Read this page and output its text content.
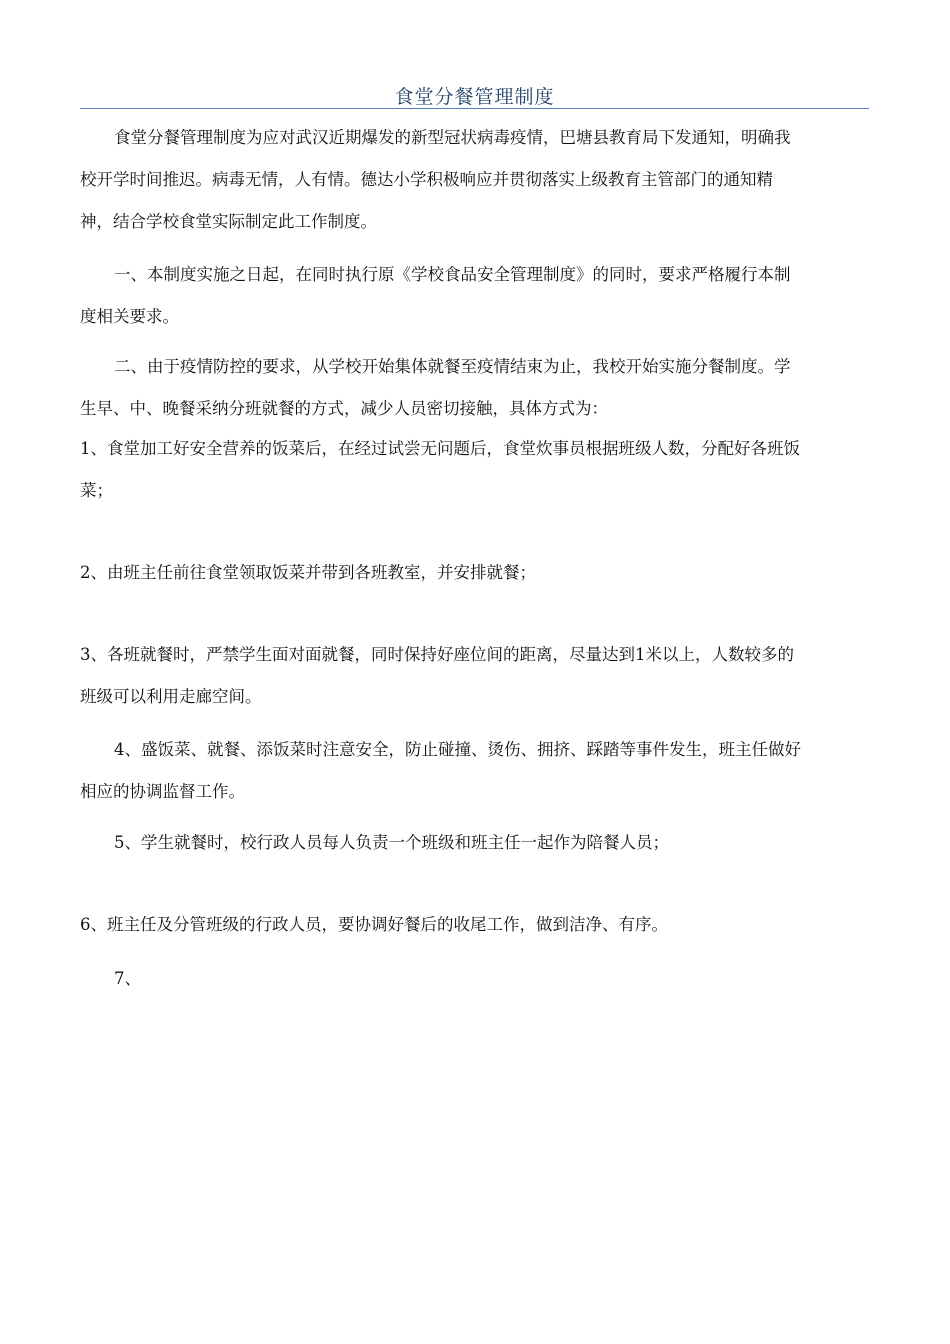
食堂分餐管理制度
食堂分餐管理制度为应对武汉近期爆发的新型冠状病毒疫情，巴塘县教育局下发通知，明确我
校开学时间推迟。病毒无情，人有情。德达小学积极响应并贯彻落实上级教育主管部门的通知精
神，结合学校食堂实际制定此工作制度。
一、本制度实施之日起，在同时执行原《学校食品安全管理制度》的同时，要求严格履行本制
度相关要求。
二、由于疫情防控的要求，从学校开始集体就餐至疫情结束为止，我校开始实施分餐制度。学
生早、中、晚餐采纳分班就餐的方式，减少人员密切接触，具体方式为：
1、食堂加工好安全营养的饭菜后，在经过试尝无问题后，食堂炊事员根据班级人数，分配好各班饭
菜；
2、由班主任前往食堂领取饭菜并带到各班教室，并安排就餐；
3、各班就餐时，严禁学生面对面就餐，同时保持好座位间的距离，尽量达到1米以上，人数较多的
班级可以利用走廊空间。
4、盛饭菜、就餐、添饭菜时注意安全，防止碰撞、烫伤、拥挤、踩踏等事件发生，班主任做好
相应的协调监督工作。
5、学生就餐时，校行政人员每人负责一个班级和班主任一起作为陪餐人员；
6、班主任及分管班级的行政人员，要协调好餐后的收尾工作，做到洁净、有序。
7、
